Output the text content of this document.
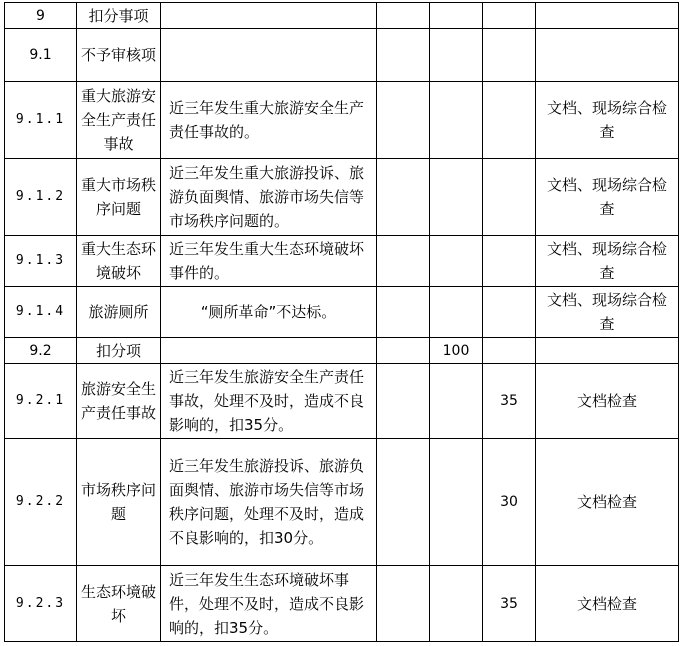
9	扣分事项					
9.1	不予审核项					
9.1.1	重大旅游安全生产责任事故	近三年发生重大旅游安全生产责任事故的。				文档、现场综合检查
9.1.2	重大市场秩序问题	近三年发生重大旅游投诉、旅游负面舆情、旅游市场失信等市场秩序问题的。				文档、现场综合检查
9.1.3	重大生态环境破坏	近三年发生重大生态环境破坏事件的。				文档、现场综合检查
9.1.4	旅游厕所	“厕所革命”不达标。				文档、现场综合检查
9.2	扣分项			100		
9.2.1	旅游安全生产责任事故	近三年发生旅游安全生产责任事故，处理不及时，造成不良影响的，扣35分。			35	文档检查
9.2.2	市场秩序问题	近三年发生旅游投诉、旅游负面舆情、旅游市场失信等市场秩序问题，处理不及时，造成不良影响的，扣30分。			30	文档检查
9.2.3	生态环境破坏	近三年发生生态环境破坏事件，处理不及时，造成不良影响的，扣35分。			35	文档检查
